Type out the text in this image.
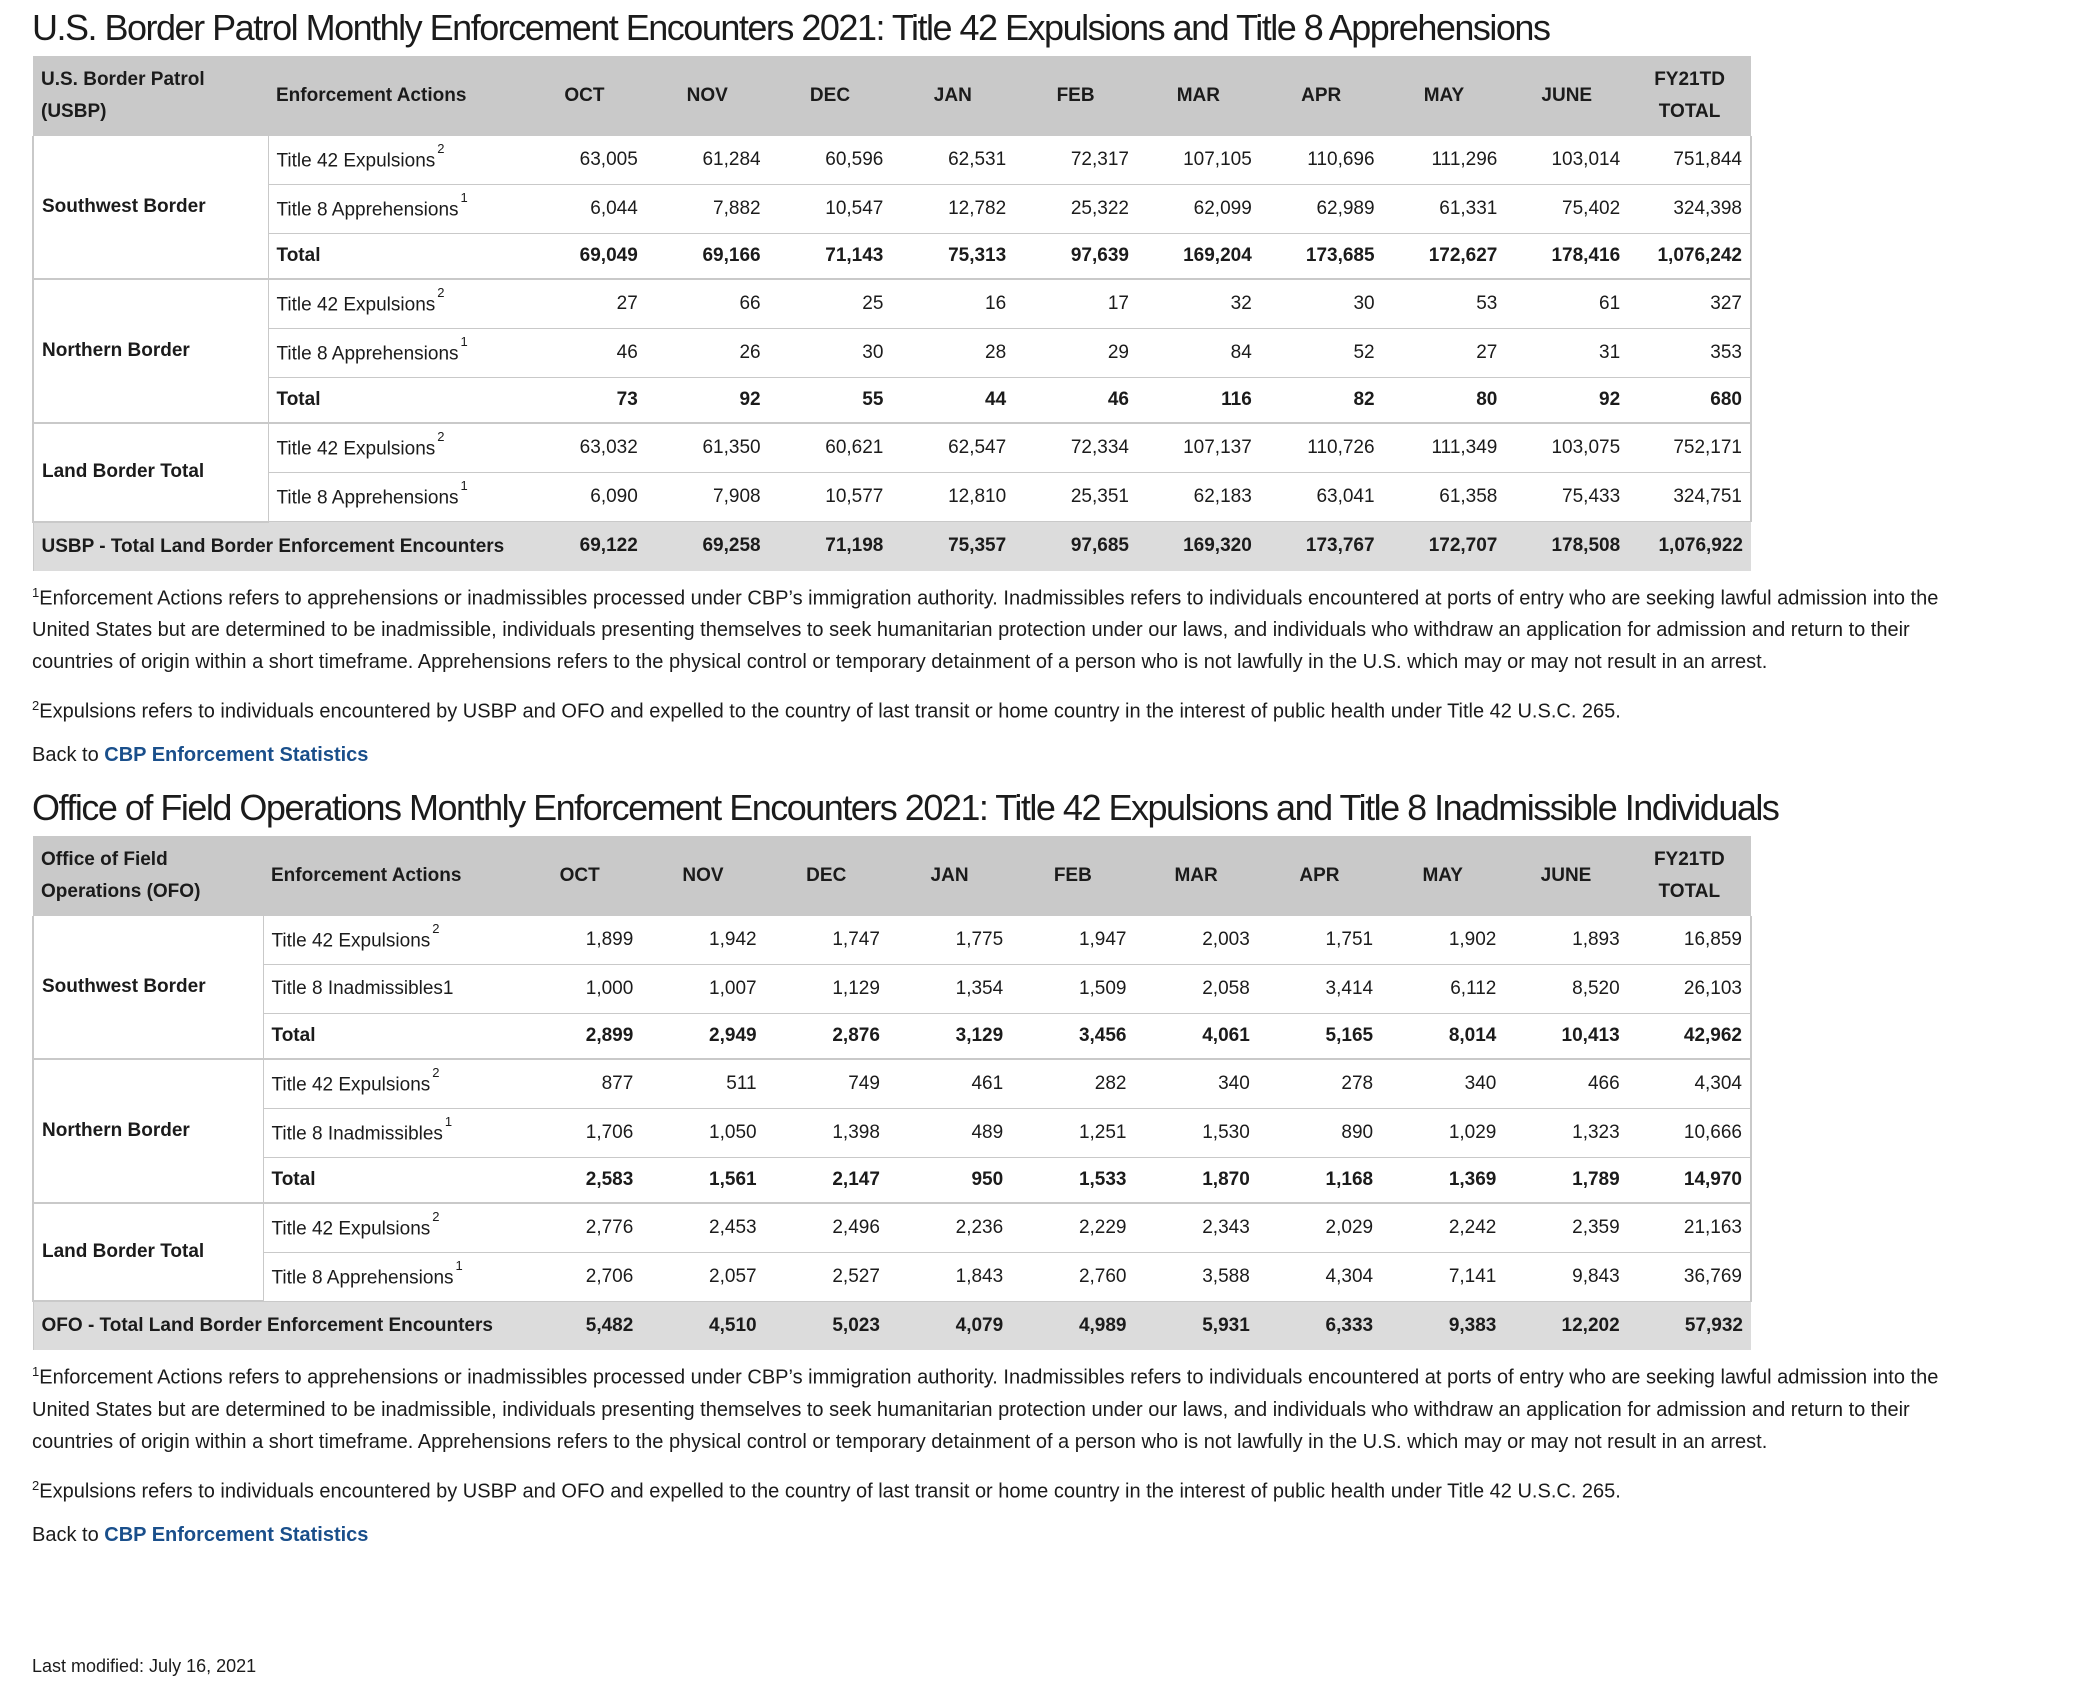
U.S. Border Patrol Monthly Enforcement Encounters 2021: Title 42 Expulsions and Title 8 Apprehensions
U.S. Border Patrol (USBP)	Enforcement Actions	OCT	NOV	DEC	JAN	FEB	MAR	APR	MAY	JUNE	FY21TD TOTAL
Southwest Border	Title 42 Expulsions$^2$	63,005	61,284	60,596	62,531	72,317	107,105	110,696	111,296	103,014	751,844
	Title 8 Apprehensions$^1$	6,044	7,882	10,547	12,782	25,322	62,099	62,989	61,331	75,402	324,398
	Total	69,049	69,166	71,143	75,313	97,639	169,204	173,685	172,627	178,416	1,076,242
Northern Border	Title 42 Expulsions$^2$	27	66	25	16	17	32	30	53	61	327
	Title 8 Apprehensions$^1$	46	26	30	28	29	84	52	27	31	353
	Total	73	92	55	44	46	116	82	80	92	680
Land Border Total	Title 42 Expulsions$^2$	63,032	61,350	60,621	62,547	72,334	107,137	110,726	111,349	103,075	752,171
	Title 8 Apprehensions$^1$	6,090	7,908	10,577	12,810	25,351	62,183	63,041	61,358	75,433	324,751
USBP - Total Land Border Enforcement Encounters		69,122	69,258	71,198	75,357	97,685	169,320	173,767	172,707	178,508	1,076,922

$^1$Enforcement Actions refers to apprehensions or inadmissibles processed under CBP’s immigration authority. Inadmissibles refers to individuals encountered at ports of entry who are seeking lawful admission into the United States but are determined to be inadmissible, individuals presenting themselves to seek humanitarian protection under our laws, and individuals who withdraw an application for admission and return to their countries of origin within a short timeframe. Apprehensions refers to the physical control or temporary detainment of a person who is not lawfully in the U.S. which may or may not result in an arrest.

$^2$Expulsions refers to individuals encountered by USBP and OFO and expelled to the country of last transit or home country in the interest of public health under Title 42 U.S.C. 265.

Back to CBP Enforcement Statistics

Office of Field Operations Monthly Enforcement Encounters 2021: Title 42 Expulsions and Title 8 Inadmissible Individuals
Office of Field Operations (OFO)	Enforcement Actions	OCT	NOV	DEC	JAN	FEB	MAR	APR	MAY	JUNE	FY21TD TOTAL
Southwest Border	Title 42 Expulsions$^2$	1,899	1,942	1,747	1,775	1,947	2,003	1,751	1,902	1,893	16,859
	Title 8 Inadmissibles1	1,000	1,007	1,129	1,354	1,509	2,058	3,414	6,112	8,520	26,103
	Total	2,899	2,949	2,876	3,129	3,456	4,061	5,165	8,014	10,413	42,962
Northern Border	Title 42 Expulsions$^2$	877	511	749	461	282	340	278	340	466	4,304
	Title 8 Inadmissibles$^1$	1,706	1,050	1,398	489	1,251	1,530	890	1,029	1,323	10,666
	Total	2,583	1,561	2,147	950	1,533	1,870	1,168	1,369	1,789	14,970
Land Border Total	Title 42 Expulsions$^2$	2,776	2,453	2,496	2,236	2,229	2,343	2,029	2,242	2,359	21,163
	Title 8 Apprehensions$^1$	2,706	2,057	2,527	1,843	2,760	3,588	4,304	7,141	9,843	36,769
OFO - Total Land Border Enforcement Encounters		5,482	4,510	5,023	4,079	4,989	5,931	6,333	9,383	12,202	57,932

$^1$Enforcement Actions refers to apprehensions or inadmissibles processed under CBP’s immigration authority. Inadmissibles refers to individuals encountered at ports of entry who are seeking lawful admission into the United States but are determined to be inadmissible, individuals presenting themselves to seek humanitarian protection under our laws, and individuals who withdraw an application for admission and return to their countries of origin within a short timeframe. Apprehensions refers to the physical control or temporary detainment of a person who is not lawfully in the U.S. which may or may not result in an arrest.

$^2$Expulsions refers to individuals encountered by USBP and OFO and expelled to the country of last transit or home country in the interest of public health under Title 42 U.S.C. 265.

Back to CBP Enforcement Statistics

Last modified: July 16, 2021
